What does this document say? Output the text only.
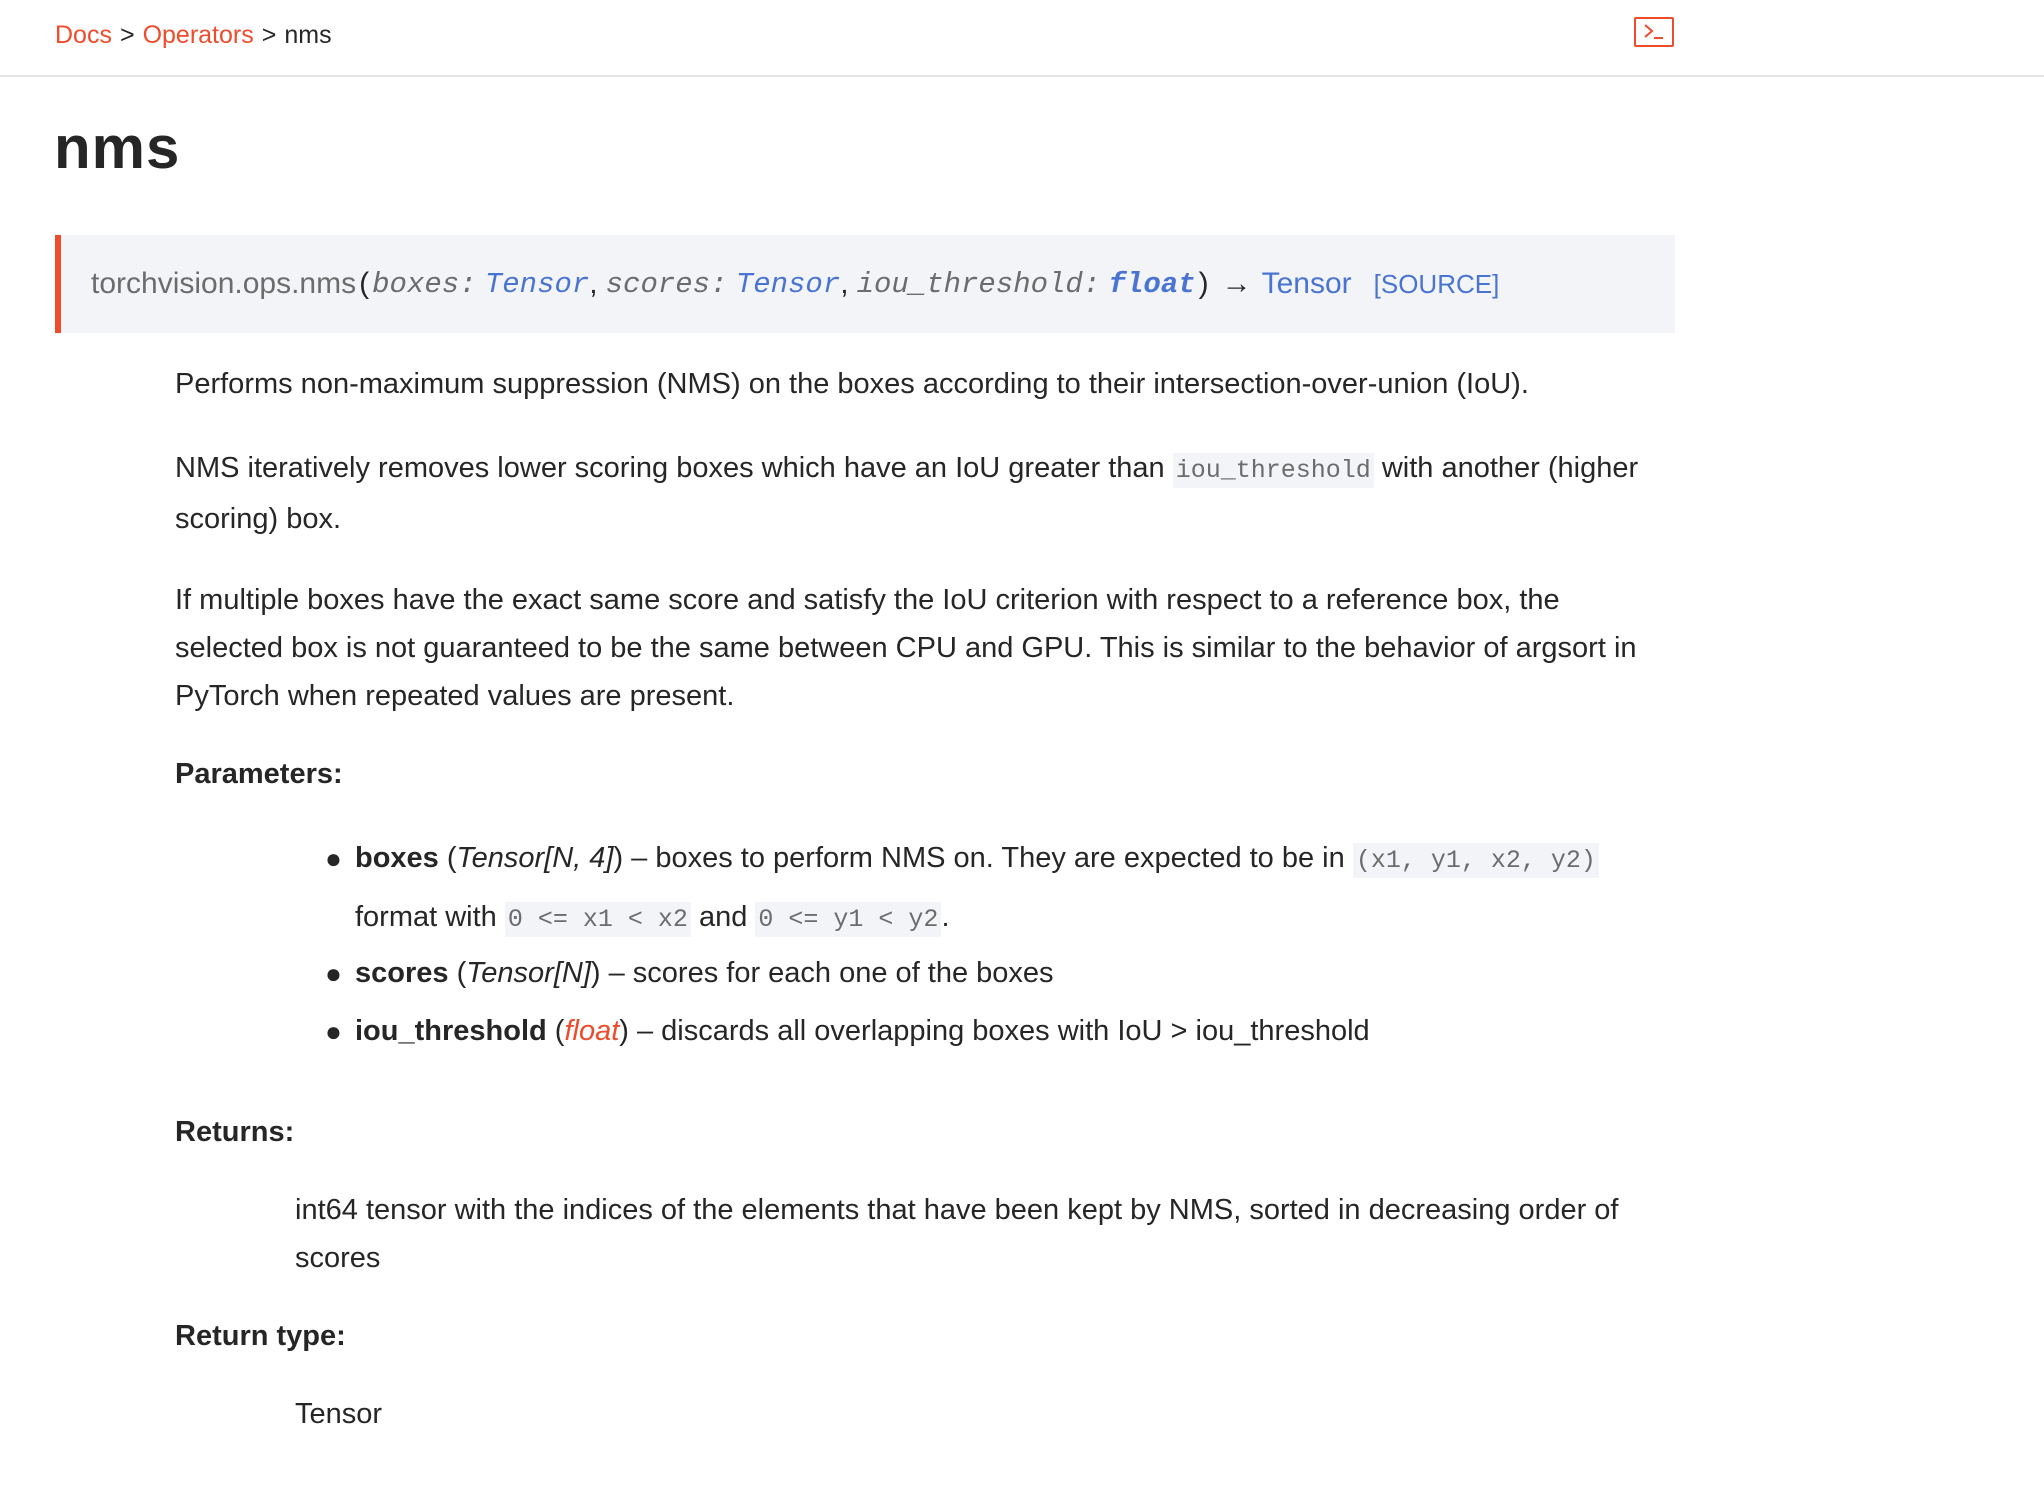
Docs > Operators > nms
nms
torchvision.ops.nms ( boxes:
Tensor , scores:
Tensor , iou_threshold:
float ) → Tensor [SOURCE]

Performs non-maximum suppression (NMS) on the boxes according to their intersection-over-union (IoU).

NMS iteratively removes lower scoring boxes which have an IoU greater than iou_threshold with another (higher scoring) box.

If multiple boxes have the exact same score and satisfy the IoU criterion with respect to a reference box, the selected box is not guaranteed to be the same between CPU and GPU. This is similar to the behavior of argsort in PyTorch when repeated values are present.

Parameters:

● boxes (Tensor[N, 4]) – boxes to perform NMS on. They are expected to be in (x1, y1, x2, y2) format with 0 <= x1 < x2 and 0 <= y1 < y2 .
● scores (Tensor[N]) – scores for each one of the boxes
● iou_threshold (float) – discards all overlapping boxes with IoU > iou_threshold

Returns:

int64 tensor with the indices of the elements that have been kept by NMS, sorted in decreasing order of scores

Return type:

Tensor
